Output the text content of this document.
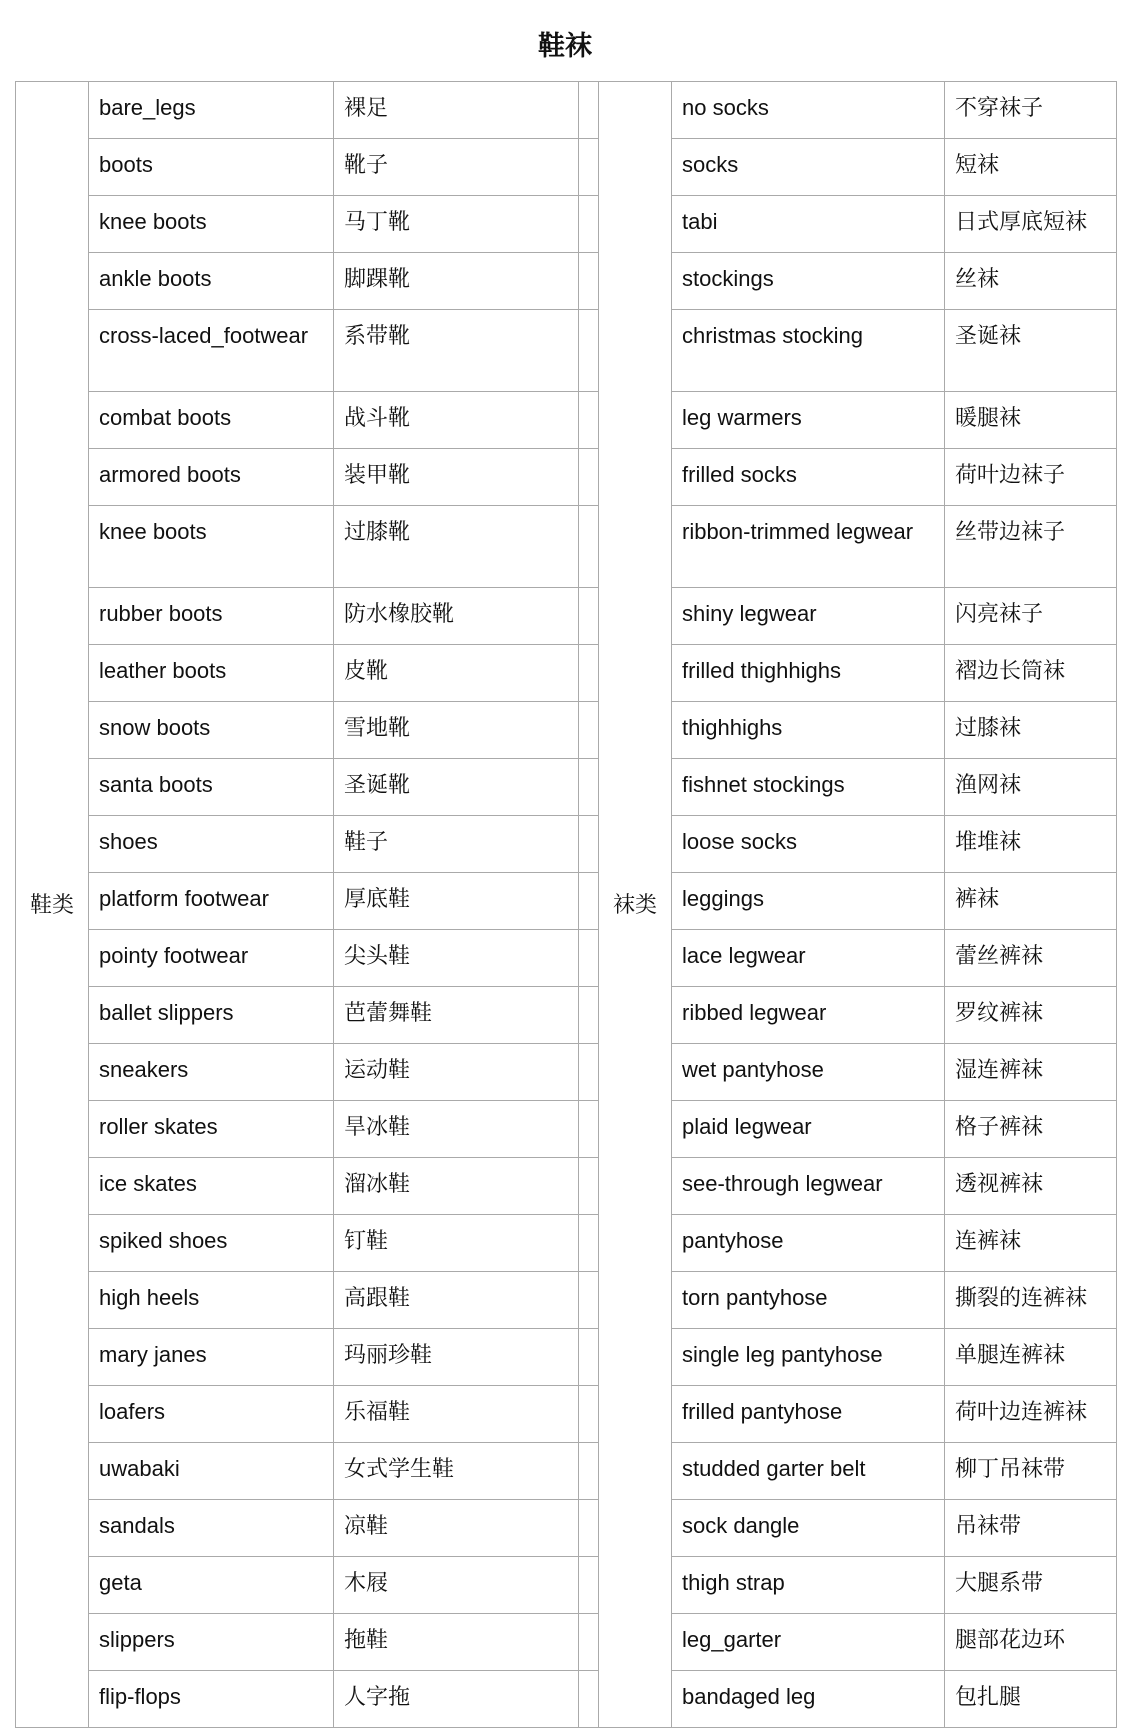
鞋袜
鞋类	bare_legs	裸足		袜类	no socks	不穿袜子
	boots	靴子			socks	短袜
	knee boots	马丁靴			tabi	日式厚底短袜
	ankle boots	脚踝靴			stockings	丝袜
	cross-laced_footwear	系带靴			christmas stocking	圣诞袜
	combat boots	战斗靴			leg warmers	暖腿袜
	armored boots	装甲靴			frilled socks	荷叶边袜子
	knee boots	过膝靴			ribbon-trimmed legwear	丝带边袜子
	rubber boots	防水橡胶靴			shiny legwear	闪亮袜子
	leather boots	皮靴			frilled thighhighs	褶边长筒袜
	snow boots	雪地靴			thighhighs	过膝袜
	santa boots	圣诞靴			fishnet stockings	渔网袜
	shoes	鞋子			loose socks	堆堆袜
	platform footwear	厚底鞋			leggings	裤袜
	pointy footwear	尖头鞋			lace legwear	蕾丝裤袜
	ballet slippers	芭蕾舞鞋			ribbed legwear	罗纹裤袜
	sneakers	运动鞋			wet pantyhose	湿连裤袜
	roller skates	旱冰鞋			plaid legwear	格子裤袜
	ice skates	溜冰鞋			see-through legwear	透视裤袜
	spiked shoes	钉鞋			pantyhose	连裤袜
	high heels	高跟鞋			torn pantyhose	撕裂的连裤袜
	mary janes	玛丽珍鞋			single leg pantyhose	单腿连裤袜
	loafers	乐福鞋			frilled pantyhose	荷叶边连裤袜
	uwabaki	女式学生鞋			studded garter belt	柳丁吊袜带
	sandals	凉鞋			sock dangle	吊袜带
	geta	木屐			thigh strap	大腿系带
	slippers	拖鞋			leg_garter	腿部花边环
	flip-flops	人字拖			bandaged leg	包扎腿
